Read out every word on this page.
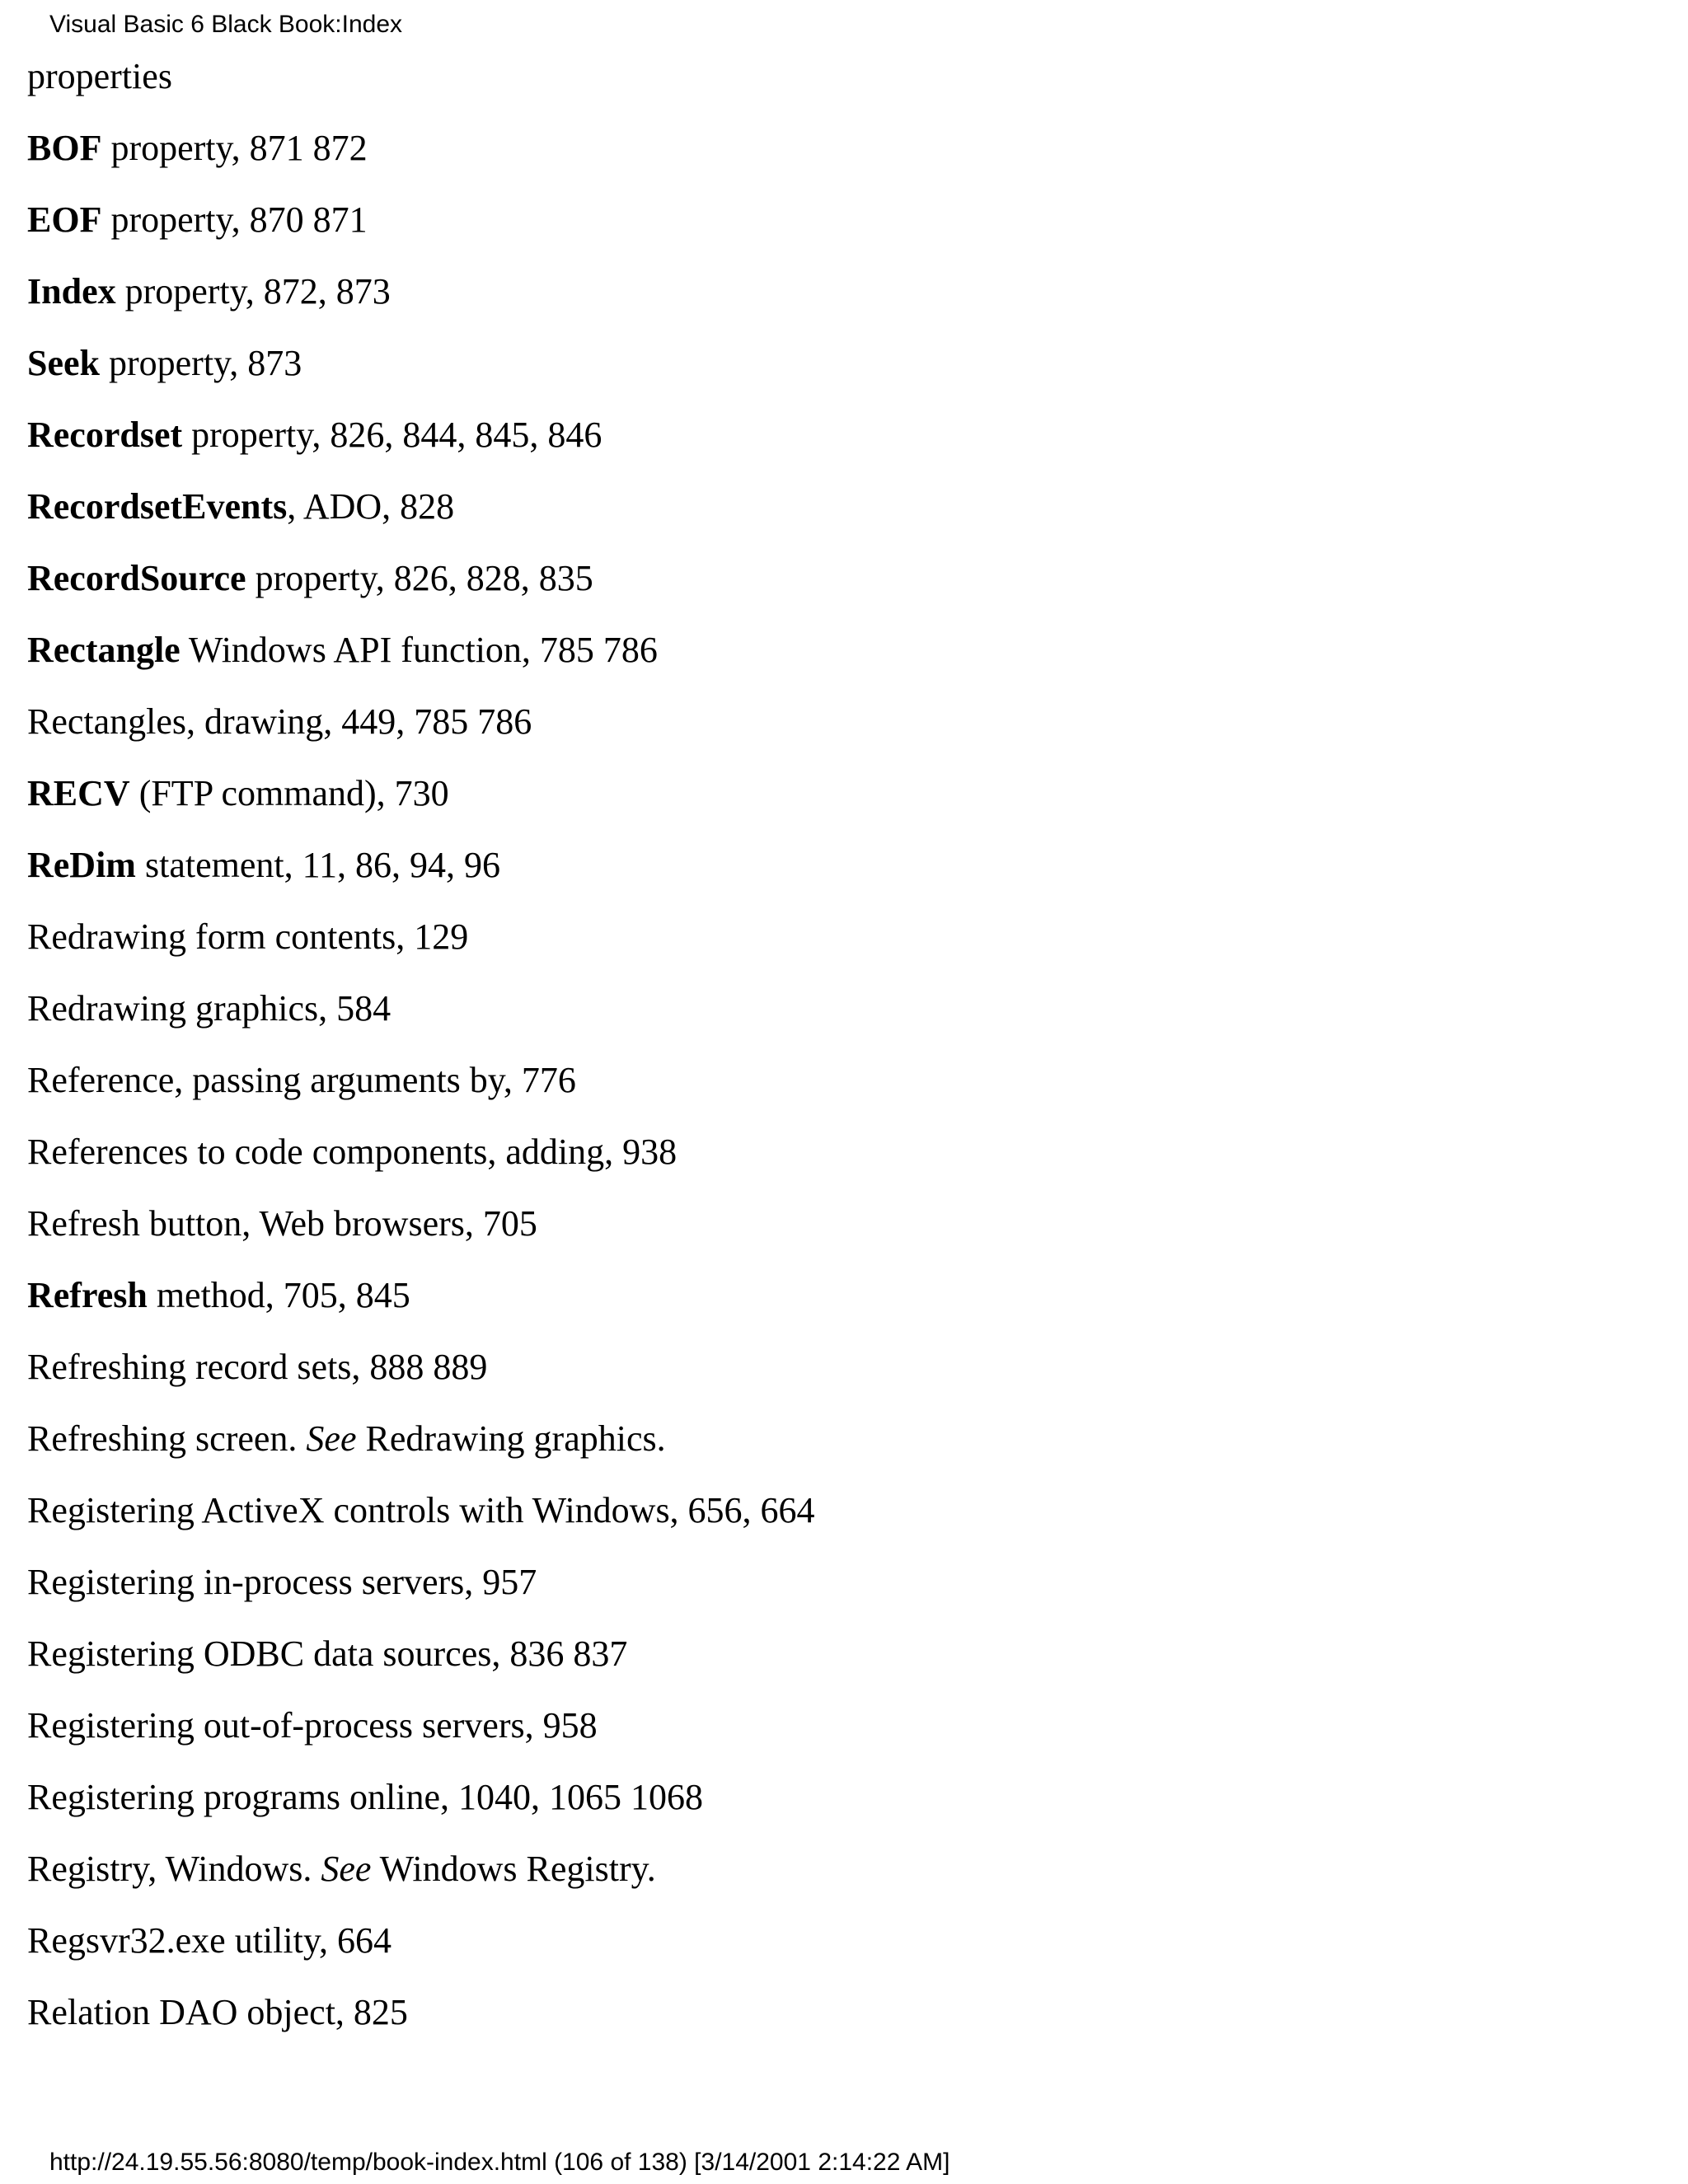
Visual Basic 6 Black Book:Index
properties
BOF property, 871 872
EOF property, 870 871
Index property, 872, 873
Seek property, 873
Recordset property, 826, 844, 845, 846
RecordsetEvents, ADO, 828
RecordSource property, 826, 828, 835
Rectangle Windows API function, 785 786
Rectangles, drawing, 449, 785 786
RECV (FTP command), 730
ReDim statement, 11, 86, 94, 96
Redrawing form contents, 129
Redrawing graphics, 584
Reference, passing arguments by, 776
References to code components, adding, 938
Refresh button, Web browsers, 705
Refresh method, 705, 845
Refreshing record sets, 888 889
Refreshing screen. See Redrawing graphics.
Registering ActiveX controls with Windows, 656, 664
Registering in-process servers, 957
Registering ODBC data sources, 836 837
Registering out-of-process servers, 958
Registering programs online, 1040, 1065 1068
Registry, Windows. See Windows Registry.
Regsvr32.exe utility, 664
Relation DAO object, 825
http://24.19.55.56:8080/temp/book-index.html (106 of 138) [3/14/2001 2:14:22 AM]
